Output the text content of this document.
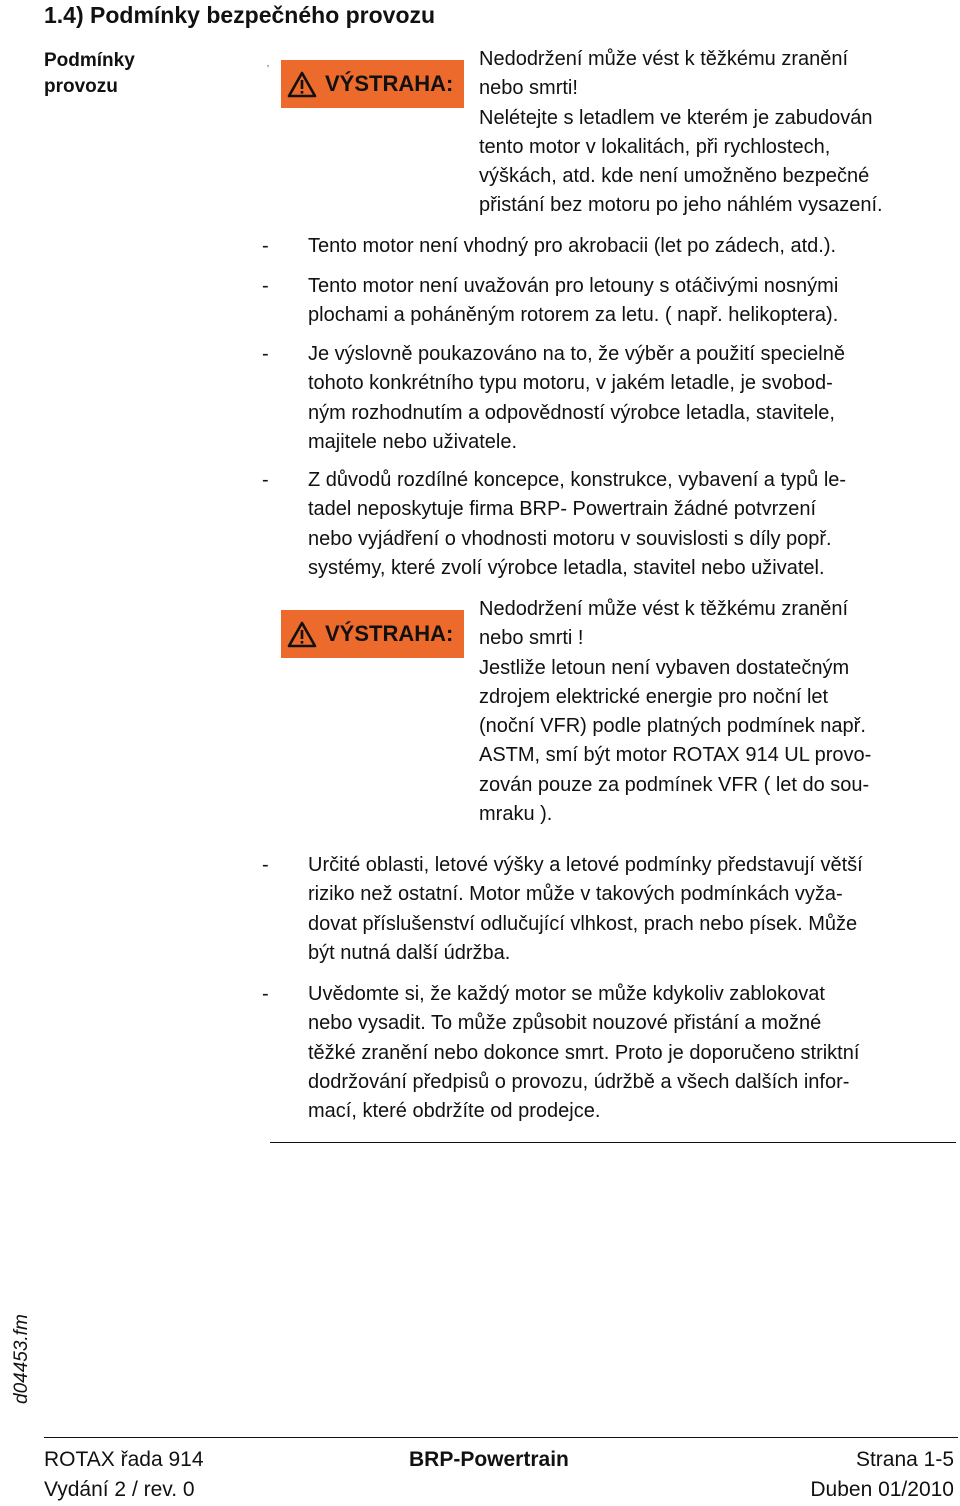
1.4) Podmínky bezpečného provozu
Podmínky
provozu
‚
VÝSTRAHA:
Nedodržení může vést k těžkému zranění
nebo smrti!
Nelétejte s letadlem ve kterém je zabudován
tento motor v lokalitách, při rychlostech,
výškách, atd. kde není umožněno bezpečné
přistání bez motoru po jeho náhlém vysazení.
- Tento motor není vhodný pro akrobacii (let po zádech, atd.).
- Tento motor není uvažován pro letouny s otáčivými nosnými
plochami a poháněným rotorem za letu. ( např. helikoptera).
- Je výslovně poukazováno na to, že výběr a použití specielně
tohoto konkrétního typu motoru, v jakém letadle, je svobod-
ným rozhodnutím a odpovědností výrobce letadla, stavitele,
majitele nebo uživatele.
- Z důvodů rozdílné koncepce, konstrukce, vybavení a typů le-
tadel neposkytuje firma BRP- Powertrain žádné potvrzení
nebo vyjádření o vhodnosti motoru v souvislosti s díly popř.
systémy, které zvolí výrobce letadla, stavitel nebo uživatel.
VÝSTRAHA:
Nedodržení může vést k těžkému zranění
nebo smrti !
Jestliže letoun není vybaven dostatečným
zdrojem elektrické energie pro noční let
(noční VFR) podle platných podmínek např.
ASTM, smí být motor ROTAX 914 UL provo-
zován pouze za podmínek VFR ( let do sou-
mraku ).
- Určité oblasti, letové výšky a letové podmínky představují větší
riziko než ostatní. Motor může v takových podmínkách vyža-
dovat příslušenství odlučující vlhkost, prach nebo písek. Může
být nutná další údržba.
- Uvědomte si, že každý motor se může kdykoliv zablokovat
nebo vysadit. To může způsobit nouzové přistání a možné
těžké zranění nebo dokonce smrt. Proto je doporučeno striktní
dodržování předpisů o provozu, údržbě a všech dalších infor-
mací, které obdržíte od prodejce.
d04453.fm
ROTAX řada 914	BRP-Powertrain	Strana 1-5
Vydání 2 / rev. 0	Duben 01/2010
